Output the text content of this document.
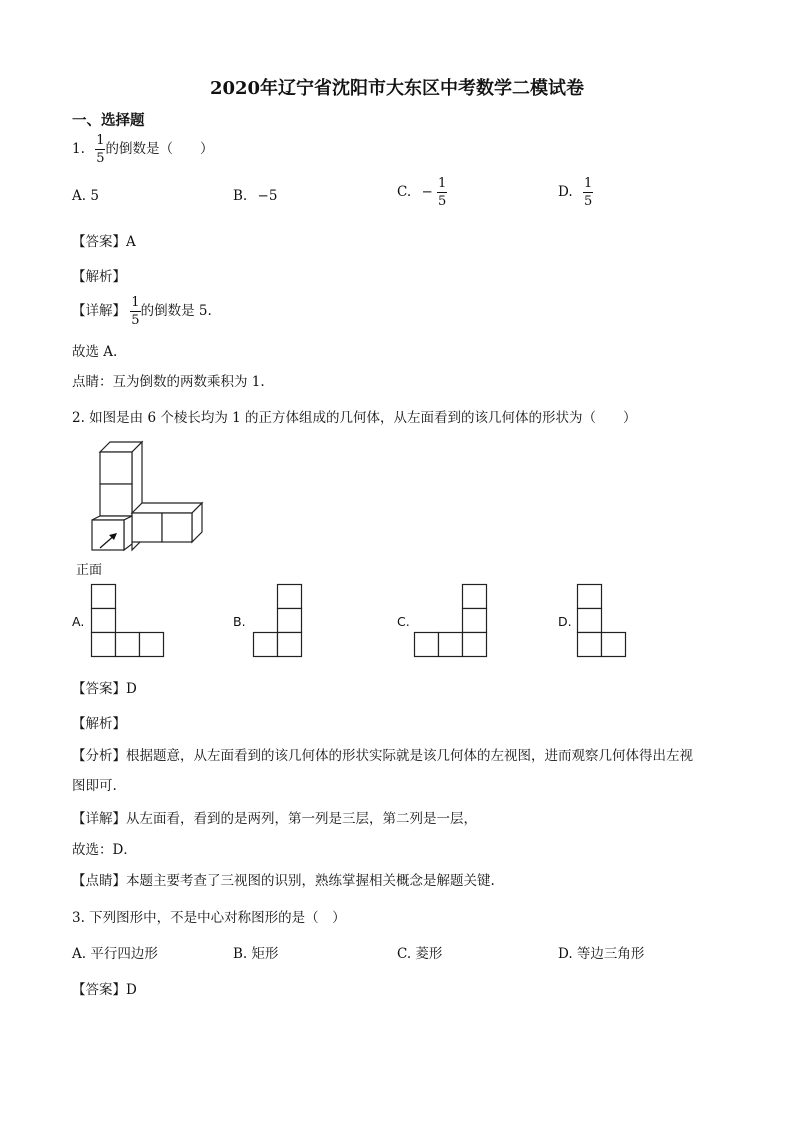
2020年辽宁省沈阳市大东区中考数学二模试卷
一、选择题
1. $\frac{1}{5}$ 的倒数是（　　）
A. 5	B. −5	C. − $\frac{1}{5}$	D. $\frac{1}{5}$
【答案】A
【解析】
【详解】 $\frac{1}{5}$ 的倒数是 5.
故选 A.
点睛：互为倒数的两数乘积为 1.
2. 如图是由 6 个棱长均为 1 的正方体组成的几何体，从左面看到的该几何体的形状为（　　）
正面
A.	B.	C.	D.
【答案】D
【解析】
【分析】根据题意，从左面看到的该几何体的形状实际就是该几何体的左视图，进而观察几何体得出左视
图即可.
【详解】从左面看，看到的是两列，第一列是三层，第二列是一层，
故选：D．
【点睛】本题主要考查了三视图的识别，熟练掌握相关概念是解题关键.
3. 下列图形中，不是中心对称图形的是（　）
A. 平行四边形	B. 矩形	C. 菱形	D. 等边三角形
【答案】D
